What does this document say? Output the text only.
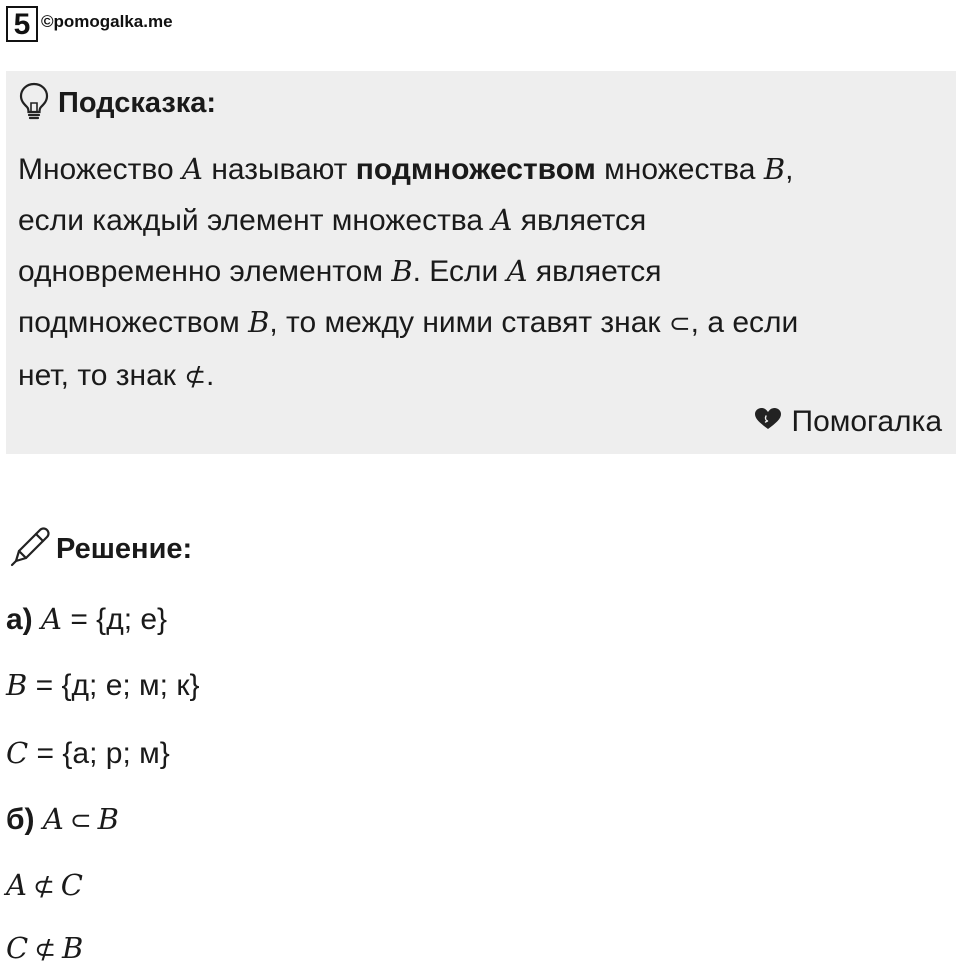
5 ©pomogalka.me
Подсказка:
Множество A называют подмножеством множества B,
если каждый элемент множества A является
одновременно элементом B. Если A является
подмножеством B, то между ними ставят знак ⊂, а если
нет, то знак ⊄.
Помогалка
Решение:
а) A = {д; е}
B = {д; е; м; к}
C = {а; р; м}
б) A ⊂ B
A ⊄ C
C ⊄ B
